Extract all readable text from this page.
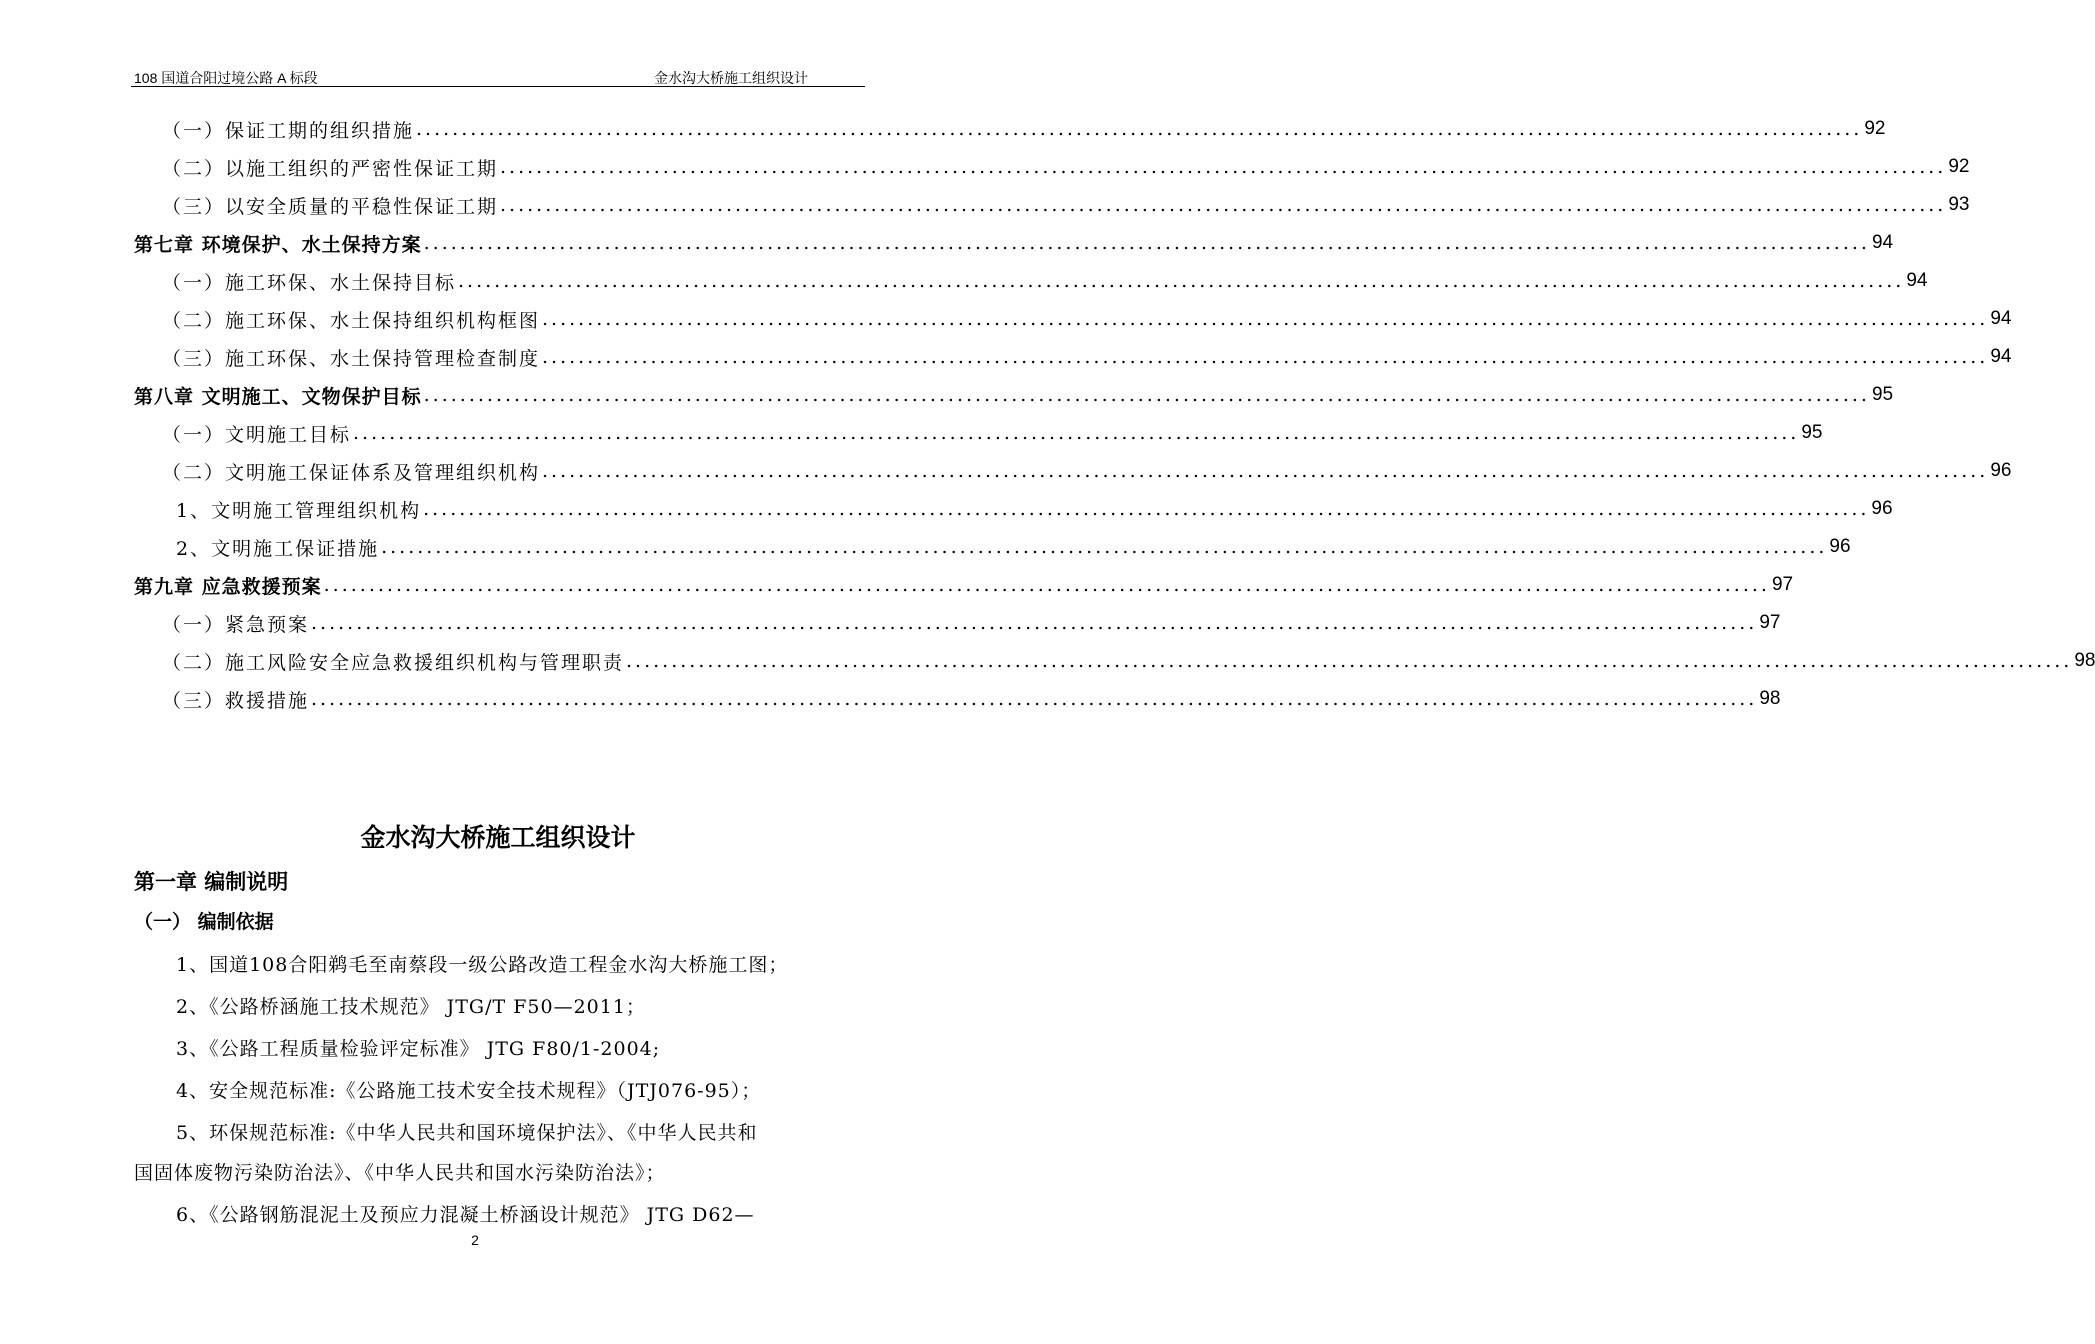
108 国道合阳过境公路 A 标段	金水沟大桥施工组织设计
（一）保证工期的组织措施 ................................................................................................................................................................ 92
（二）以施工组织的严密性保证工期 ................................................................................................................................................................ 92
（三）以安全质量的平稳性保证工期 ................................................................................................................................................................ 93
第七章 环境保护、水土保持方案 ................................................................................................................................................................ 94
（一）施工环保、水土保持目标 ................................................................................................................................................................ 94
（二）施工环保、水土保持组织机构框图 ................................................................................................................................................................ 94
（三）施工环保、水土保持管理检查制度 ................................................................................................................................................................ 94
第八章 文明施工、文物保护目标 ................................................................................................................................................................ 95
（一）文明施工目标 ................................................................................................................................................................ 95
（二）文明施工保证体系及管理组织机构 ................................................................................................................................................................ 96
1、文明施工管理组织机构 ................................................................................................................................................................ 96
2、文明施工保证措施 ................................................................................................................................................................ 96
第九章 应急救援预案 ................................................................................................................................................................ 97
（一）紧急预案 ................................................................................................................................................................ 97
（二）施工风险安全应急救援组织机构与管理职责 ................................................................................................................................................................ 98
（三）救援措施 ................................................................................................................................................................ 98
金水沟大桥施工组织设计
第一章 编制说明
（一） 编制依据
1、国道108合阳鹈毛至南蔡段一级公路改造工程金水沟大桥施工图；
2、《公路桥涵施工技术规范》 JTG/T F50—2011；
3、《公路工程质量检验评定标准》 JTG F80/1-2004;
4、安全规范标准:《公路施工技术安全技术规程》（JTJ076-95）；
5、环保规范标准:《中华人民共和国环境保护法》、《中华人民共和
国固体废物污染防治法》、《中华人民共和国水污染防治法》；
6、《公路钢筋混泥土及预应力混凝土桥涵设计规范》 JTG D62—
2
